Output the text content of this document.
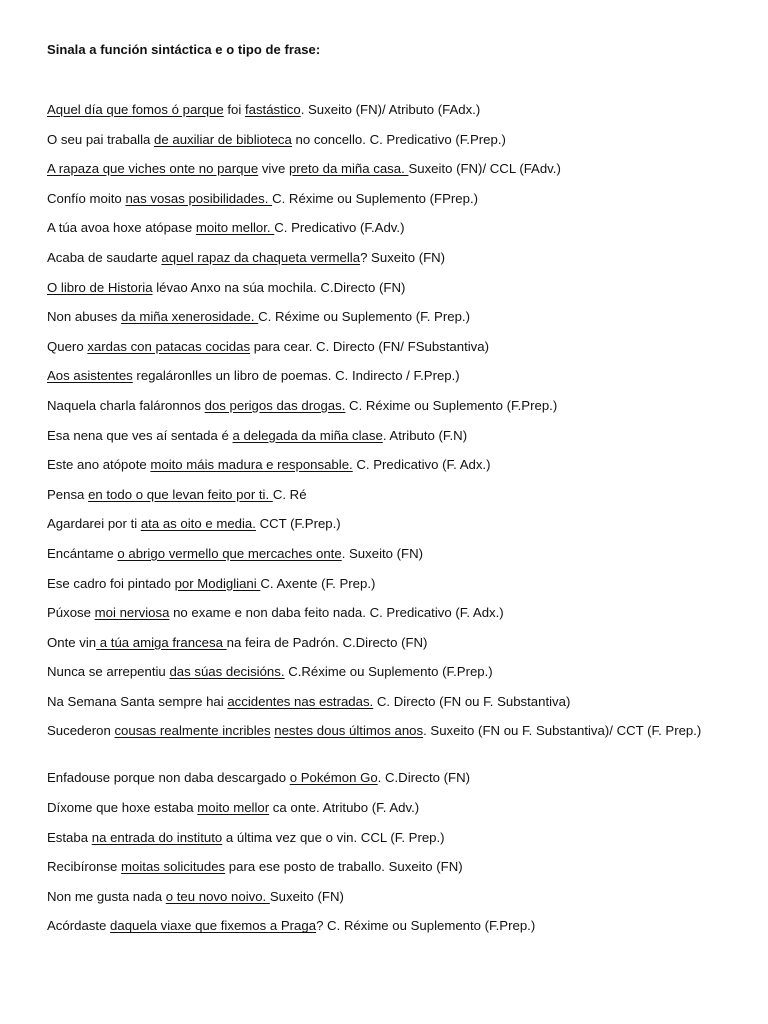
Sinala a función sintáctica e o tipo de frase:
Aquel día que fomos ó parque foi fastástico. Suxeito (FN)/ Atributo (FAdx.)
O seu pai traballa de auxiliar de biblioteca no concello. C. Predicativo (F.Prep.)
A rapaza que viches onte no parque vive preto da miña casa. Suxeito (FN)/ CCL (FAdv.)
Confío moito nas vosas posibilidades. C. Réxime ou Suplemento (FPrep.)
A túa avoa hoxe atópase moito mellor. C. Predicativo (F.Adv.)
Acaba de saudarte aquel rapaz da chaqueta vermella? Suxeito (FN)
O libro de Historia lévao Anxo na súa mochila. C.Directo (FN)
Non abuses da miña xenerosidade. C. Réxime ou Suplemento (F. Prep.)
Quero xardas con patacas cocidas para cear. C. Directo (FN/ FSubstantiva)
Aos asistentes regaláronlles un libro de poemas. C. Indirecto / F.Prep.)
Naquela charla faláronnos dos perigos das drogas. C. Réxime ou Suplemento (F.Prep.)
Esa nena que ves aí sentada é a delegada da miña clase. Atributo (F.N)
Este ano atópote moito máis madura e responsable. C. Predicativo (F. Adx.)
Pensa en todo o que levan feito por ti. C. Ré
Agardarei por ti ata as oito e media. CCT (F.Prep.)
Encántame o abrigo vermello que mercaches onte. Suxeito (FN)
Ese cadro foi pintado por Modigliani C. Axente (F. Prep.)
Púxose moi nerviosa no exame e non daba feito nada. C. Predicativo (F. Adx.)
Onte vin a túa amiga francesa na feira de Padrón. C.Directo (FN)
Nunca se arrepentiu das súas decisións. C.Réxime ou Suplemento (F.Prep.)
Na Semana Santa sempre hai accidentes nas estradas. C. Directo (FN ou F. Substantiva)
Sucederon cousas realmente incribles nestes dous últimos anos. Suxeito (FN ou F. Substantiva)/ CCT (F. Prep.)
Enfadouse porque non daba descargado o Pokémon Go. C.Directo (FN)
Díxome que hoxe estaba moito mellor ca onte. Atritubo (F. Adv.)
Estaba na entrada do instituto a última vez que o vin. CCL (F. Prep.)
Recibíronse moitas solicitudes para ese posto de traballo. Suxeito (FN)
Non me gusta nada o teu novo noivo. Suxeito (FN)
Acórdaste daquela viaxe que fixemos a Praga? C. Réxime ou Suplemento (F.Prep.)
